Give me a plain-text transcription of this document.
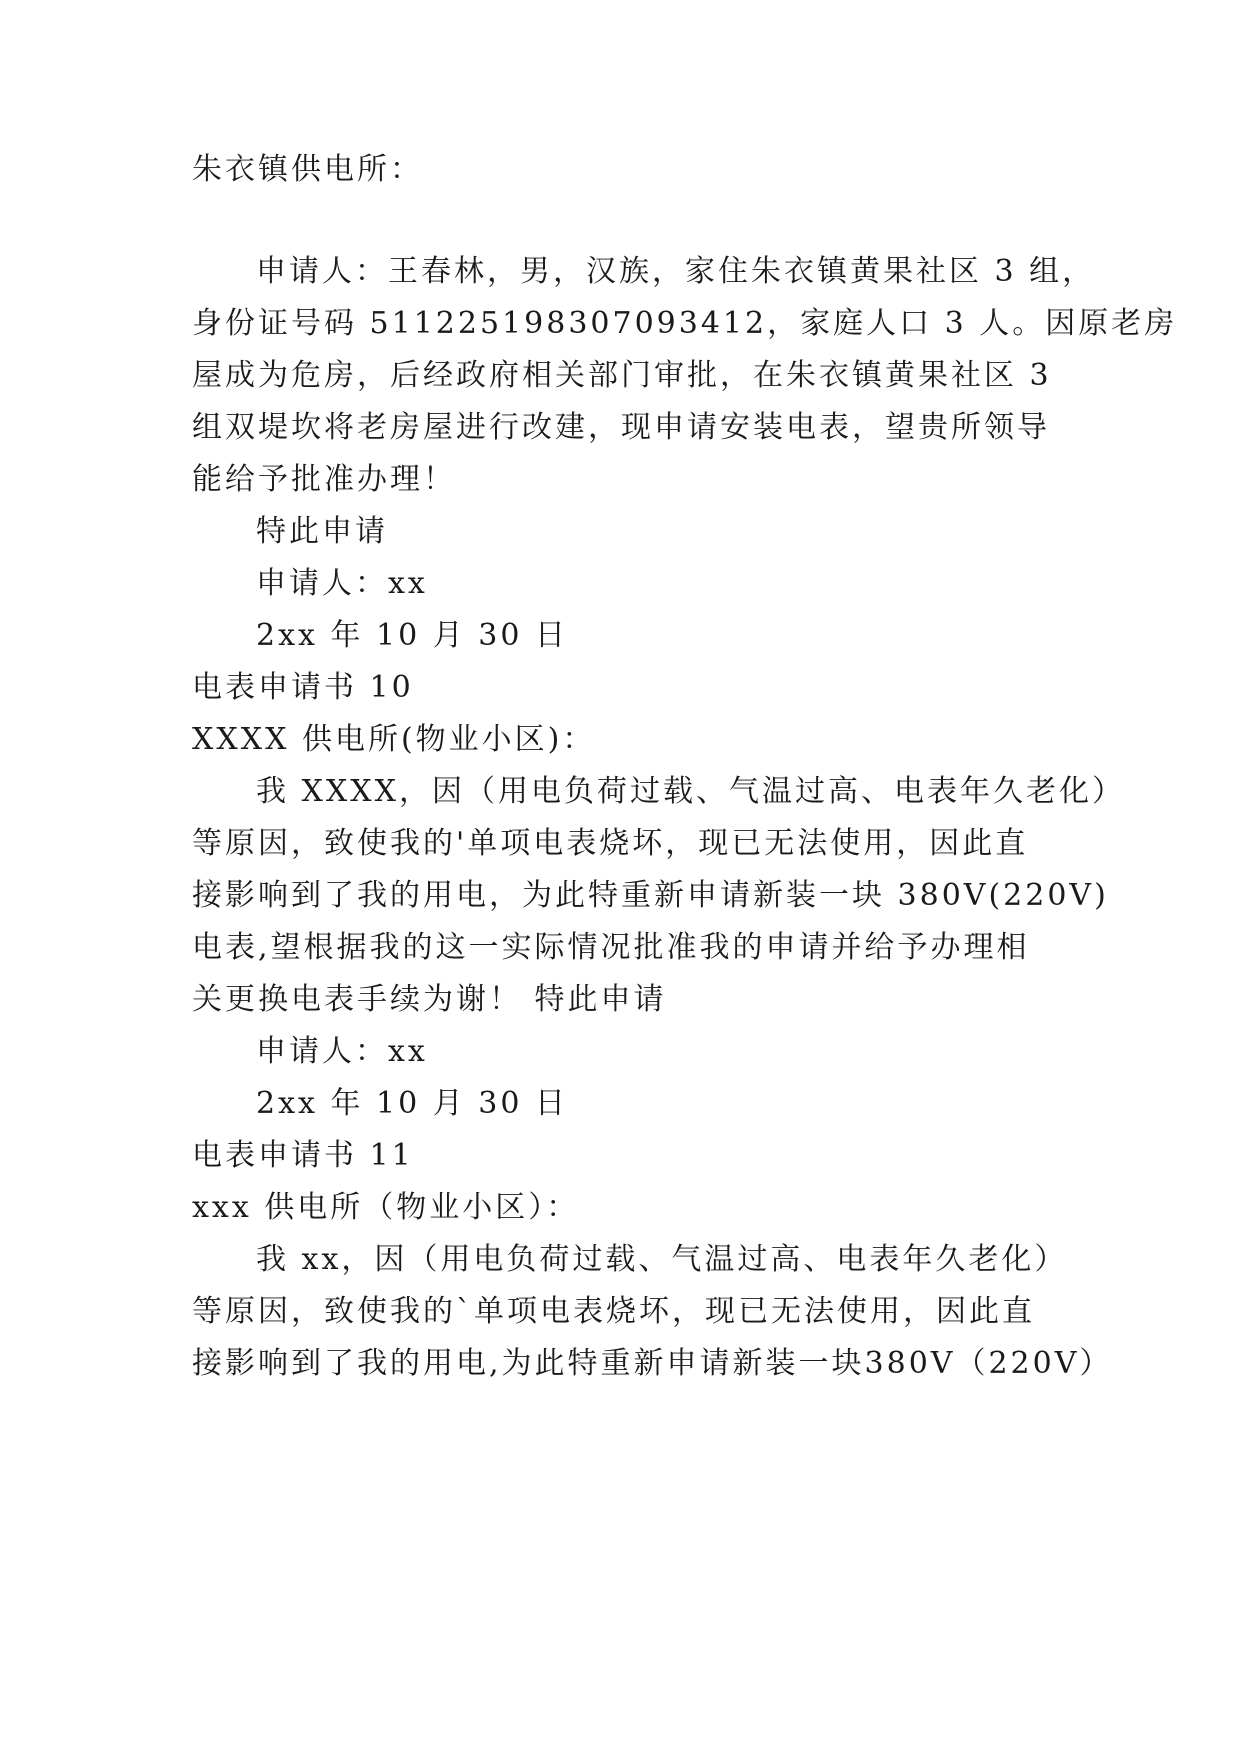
朱衣镇供电所：
申请人：王春林，男，汉族，家住朱衣镇黄果社区 3 组，
身份证号码 511225198307093412，家庭人口 3 人。因原老房
屋成为危房，后经政府相关部门审批，在朱衣镇黄果社区 3
组双堤坎将老房屋进行改建，现申请安装电表，望贵所领导
能给予批准办理！
特此申请
申请人：xx
2xx 年 10 月 30 日
电表申请书 10
XXXX 供电所(物业小区)：
我 XXXX，因（用电负荷过载、气温过高、电表年久老化）
等原因，致使我的'单项电表烧坏，现已无法使用，因此直
接影响到了我的用电，为此特重新申请新装一块 380V(220V)
电表,望根据我的这一实际情况批准我的申请并给予办理相
关更换电表手续为谢！ 特此申请
申请人：xx
2xx 年 10 月 30 日
电表申请书 11
xxx 供电所（物业小区）：
我 xx，因（用电负荷过载、气温过高、电表年久老化）
等原因，致使我的`单项电表烧坏，现已无法使用，因此直
接影响到了我的用电,为此特重新申请新装一块380V（220V）
